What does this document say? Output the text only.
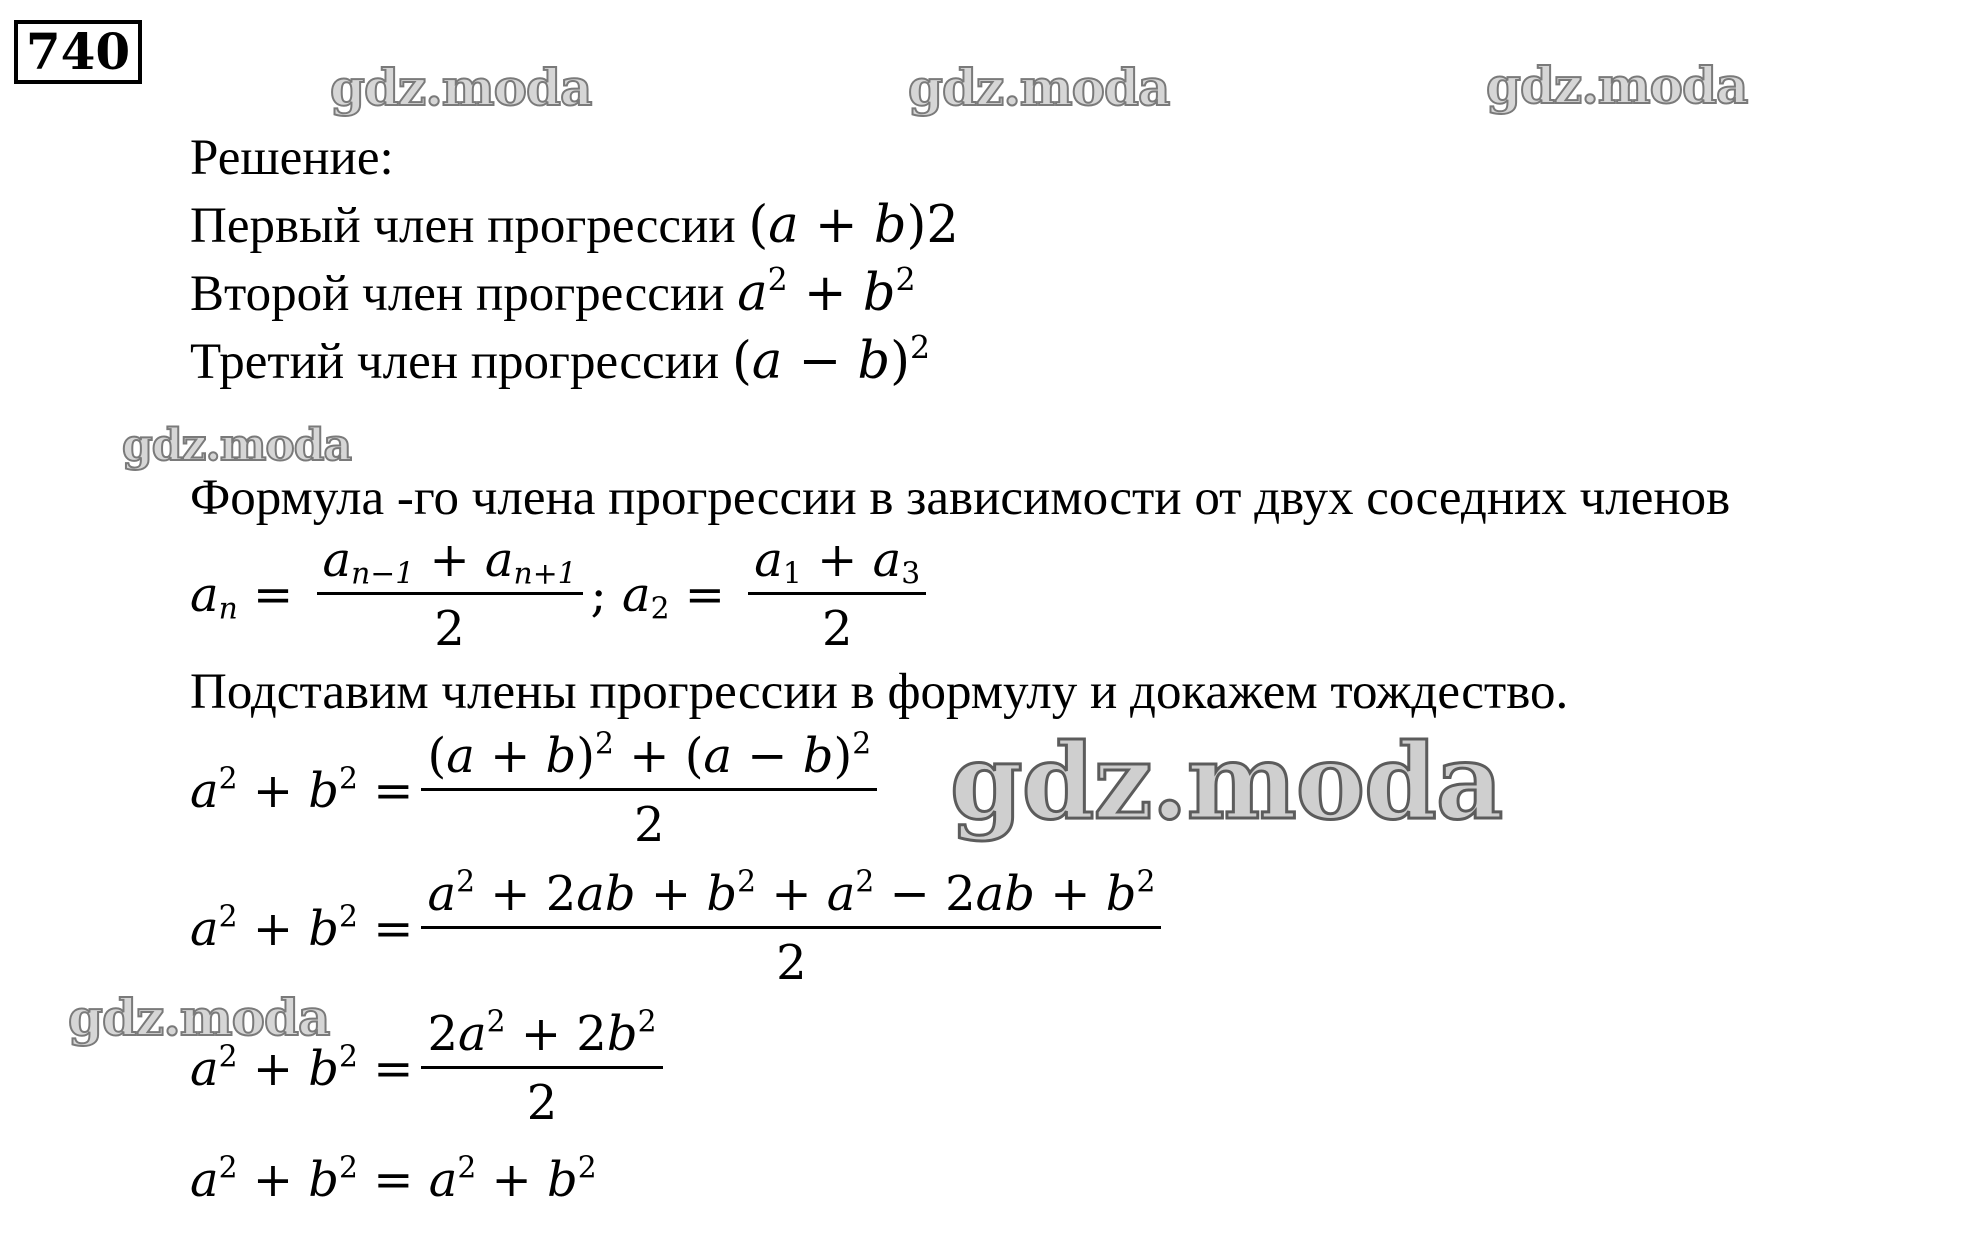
740
gdz.moda	gdz.moda	gdz.moda
gdz.moda
gdz.moda
gdz.moda
Решение:
Первый член прогрессии (a + b)2
Второй член прогрессии $a^2 + b^2$
Третий член прогрессии $(a - b)^2$
Формула -го члена прогрессии в зависимости от двух соседних членов
$a_n = \frac{a_{n-1} + a_{n+1}}{2}$ ; $a_2 = \frac{a_1 + a_3}{2}$
Подставим члены прогрессии в формулу и докажем тождество.
$a^2 + b^2 = \frac{(a + b)^2 + (a - b)^2}{2}$
$a^2 + b^2 = \frac{a^2 + 2ab + b^2 + a^2 - 2ab + b^2}{2}$
$a^2 + b^2 = \frac{2a^2 + 2b^2}{2}$
$a^2 + b^2 = a^2 + b^2$
